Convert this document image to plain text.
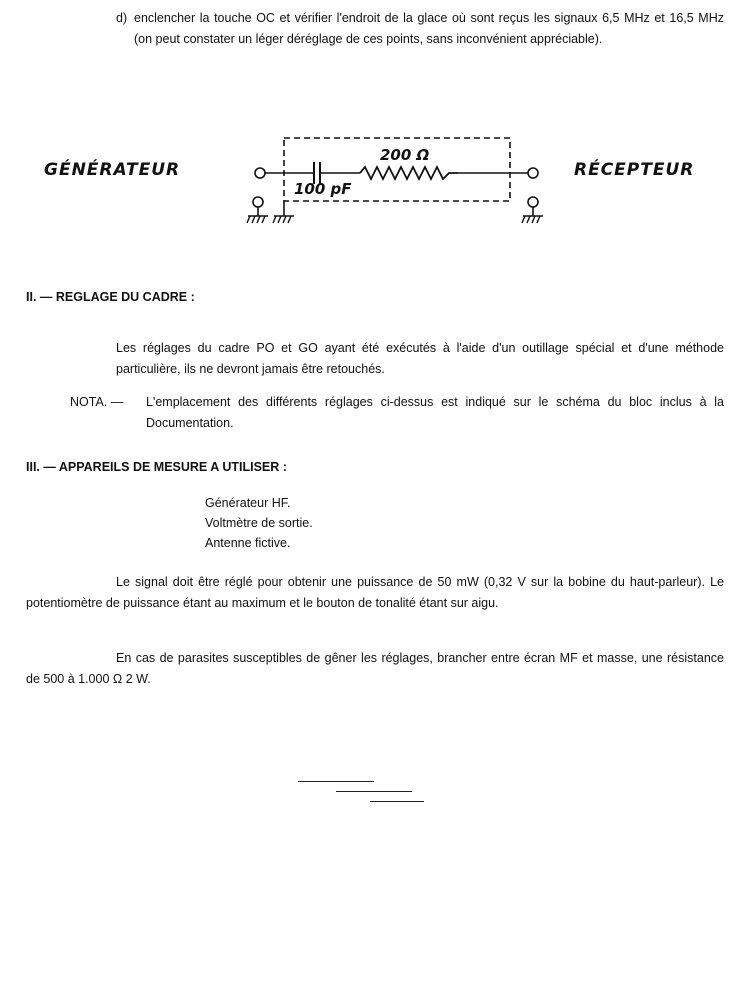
d) enclencher la touche OC et vérifier l'endroit de la glace où sont reçus les signaux 6,5 MHz et 16,5 MHz (on peut constater un léger déréglage de ces points, sans inconvénient appréciable).

GÉNÉRATEUR	RÉCEPTEUR

200 Ω
100 pF

II. — REGLAGE DU CADRE :

Les réglages du cadre PO et GO ayant été exécutés à l'aide d'un outillage spécial et d'une méthode particulière, ils ne devront jamais être retouchés.

NOTA. — L'emplacement des différents réglages ci-dessus est indiqué sur le schéma du bloc inclus à la Documentation.

III. — APPAREILS DE MESURE A UTILISER :

Générateur HF.

Voltmètre de sortie.

Antenne fictive.

Le signal doit être réglé pour obtenir une puissance de 50 mW (0,32 V sur la bobine du haut-parleur). Le potentiomètre de puissance étant au maximum et le bouton de tonalité étant sur aigu.

En cas de parasites susceptibles de gêner les réglages, brancher entre écran MF et masse, une résistance de 500 à 1.000 Ω 2 W.
